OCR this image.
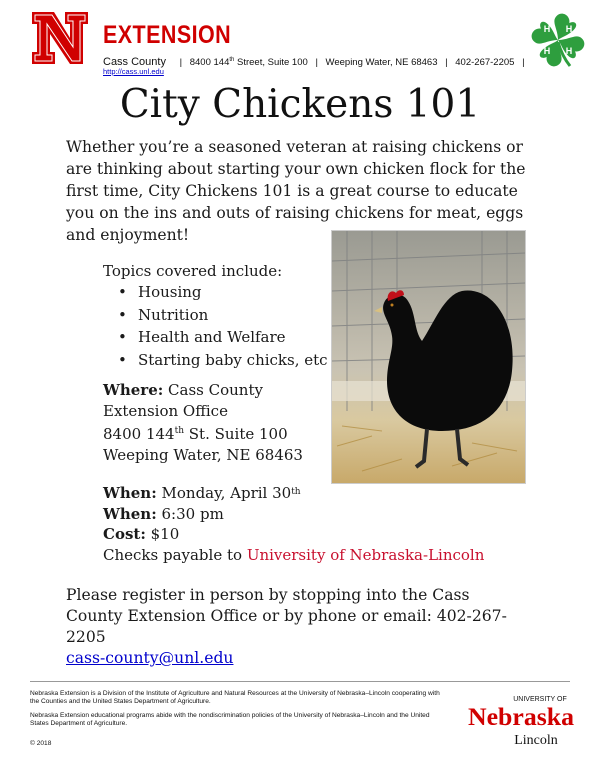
EXTENSION
Cass County | 8400 144th Street, Suite 100 | Weeping Water, NE 68463 | 402-267-2205 |
http://cass.unl.edu
H H
H H
City Chickens 101
Whether you’re a seasoned veteran at raising chickens or are thinking about starting your own chicken flock for the first time, City Chickens 101 is a great course to educate you on the ins and outs of raising chickens for meat, eggs and enjoyment!
Topics covered include:
• Housing
• Nutrition
• Health and Welfare
• Starting baby chicks, etc
Where: Cass County
Extension Office
8400 144th St. Suite 100
Weeping Water, NE 68463
When: Monday, April 30th
When: 6:30 pm
Cost: $10
Checks payable to University of Nebraska-Lincoln
Please register in person by stopping into the Cass County Extension Office or by phone or email: 402-267-2205
cass-county@unl.edu
Nebraska Extension is a Division of the Institute of Agriculture and Natural Resources at the University of Nebraska–Lincoln cooperating with the Counties and the United States Department of Agriculture.
Nebraska Extension educational programs abide with the nondiscrimination policies of the University of Nebraska–Lincoln and the United States Department of Agriculture.
© 2018
UNIVERSITY OF
Nebraska
Lincoln
